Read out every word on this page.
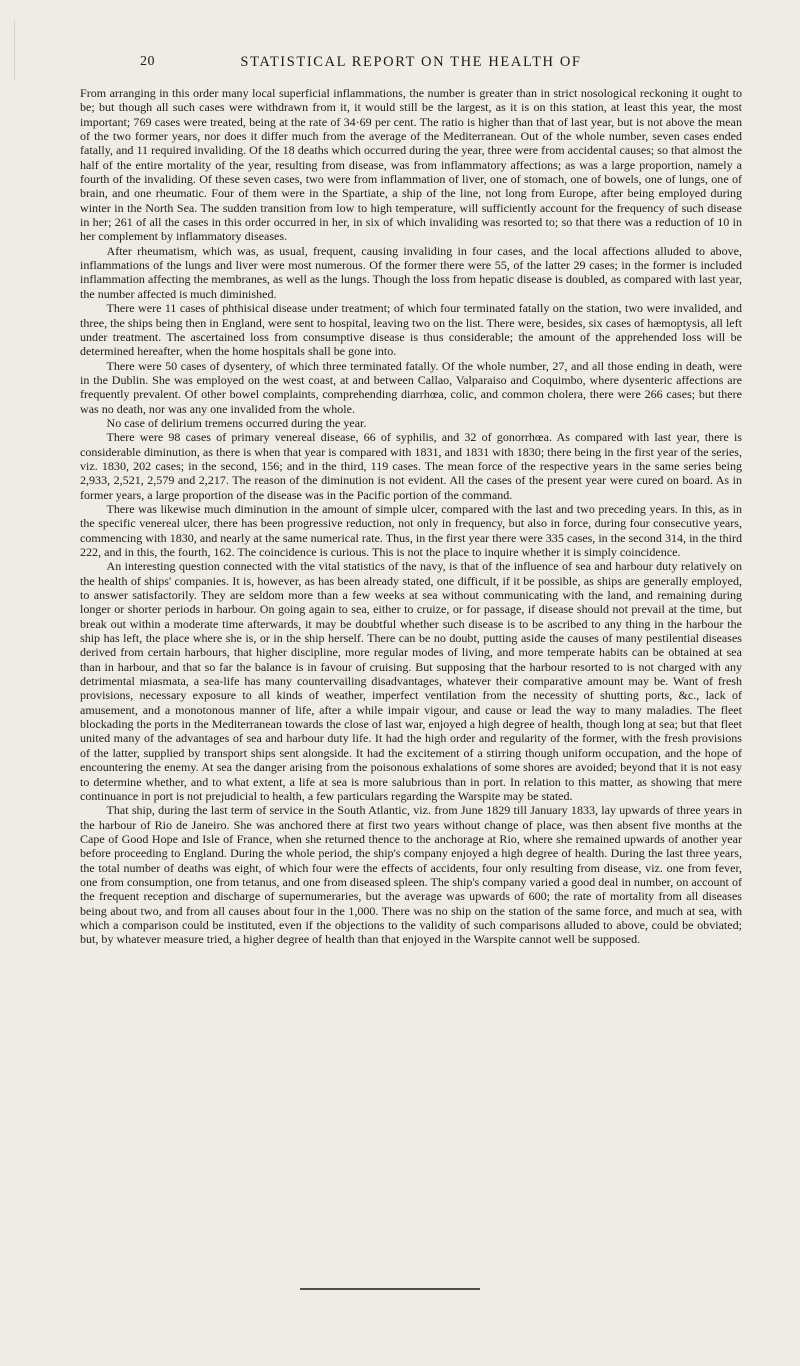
20	STATISTICAL REPORT ON THE HEALTH OF

From arranging in this order many local superficial inflammations, the number is greater than in strict nosological reckoning it ought to be; but though all such cases were withdrawn from it, it would still be the largest, as it is on this station, at least this year, the most important; 769 cases were treated, being at the rate of 34·69 per cent. The ratio is higher than that of last year, but is not above the mean of the two former years, nor does it differ much from the average of the Mediterranean. Out of the whole number, seven cases ended fatally, and 11 required invaliding. Of the 18 deaths which occurred during the year, three were from accidental causes; so that almost the half of the entire mortality of the year, resulting from disease, was from inflammatory affections; as was a large proportion, namely a fourth of the invaliding. Of these seven cases, two were from inflammation of liver, one of stomach, one of bowels, one of lungs, one of brain, and one rheumatic. Four of them were in the Spartiate, a ship of the line, not long from Europe, after being employed during winter in the North Sea. The sudden transition from low to high temperature, will sufficiently account for the frequency of such disease in her; 261 of all the cases in this order occurred in her, in six of which invaliding was resorted to; so that there was a reduction of 10 in her complement by inflammatory diseases.

After rheumatism, which was, as usual, frequent, causing invaliding in four cases, and the local affections alluded to above, inflammations of the lungs and liver were most numerous. Of the former there were 55, of the latter 29 cases; in the former is included inflammation affecting the membranes, as well as the lungs. Though the loss from hepatic disease is doubled, as compared with last year, the number affected is much diminished.

There were 11 cases of phthisical disease under treatment; of which four terminated fatally on the station, two were invalided, and three, the ships being then in England, were sent to hospital, leaving two on the list. There were, besides, six cases of hæmoptysis, all left under treatment. The ascertained loss from consumptive disease is thus considerable; the amount of the apprehended loss will be determined hereafter, when the home hospitals shall be gone into.

There were 50 cases of dysentery, of which three terminated fatally. Of the whole number, 27, and all those ending in death, were in the Dublin. She was employed on the west coast, at and between Callao, Valparaiso and Coquimbo, where dysenteric affections are frequently prevalent. Of other bowel complaints, comprehending diarrhœa, colic, and common cholera, there were 266 cases; but there was no death, nor was any one invalided from the whole.

No case of delirium tremens occurred during the year.

There were 98 cases of primary venereal disease, 66 of syphilis, and 32 of gonorrhœa. As compared with last year, there is considerable diminution, as there is when that year is compared with 1831, and 1831 with 1830; there being in the first year of the series, viz. 1830, 202 cases; in the second, 156; and in the third, 119 cases. The mean force of the respective years in the same series being 2,933, 2,521, 2,579 and 2,217. The reason of the diminution is not evident. All the cases of the present year were cured on board. As in former years, a large proportion of the disease was in the Pacific portion of the command.

There was likewise much diminution in the amount of simple ulcer, compared with the last and two preceding years. In this, as in the specific venereal ulcer, there has been progressive reduction, not only in frequency, but also in force, during four consecutive years, commencing with 1830, and nearly at the same numerical rate. Thus, in the first year there were 335 cases, in the second 314, in the third 222, and in this, the fourth, 162. The coincidence is curious. This is not the place to inquire whether it is simply coincidence.

An interesting question connected with the vital statistics of the navy, is that of the influence of sea and harbour duty relatively on the health of ships' companies. It is, however, as has been already stated, one difficult, if it be possible, as ships are generally employed, to answer satisfactorily. They are seldom more than a few weeks at sea without communicating with the land, and remaining during longer or shorter periods in harbour. On going again to sea, either to cruize, or for passage, if disease should not prevail at the time, but break out within a moderate time afterwards, it may be doubtful whether such disease is to be ascribed to any thing in the harbour the ship has left, the place where she is, or in the ship herself. There can be no doubt, putting aside the causes of many pestilential diseases derived from certain harbours, that higher discipline, more regular modes of living, and more temperate habits can be obtained at sea than in harbour, and that so far the balance is in favour of cruising. But supposing that the harbour resorted to is not charged with any detrimental miasmata, a sea-life has many countervailing disadvantages, whatever their comparative amount may be. Want of fresh provisions, necessary exposure to all kinds of weather, imperfect ventilation from the necessity of shutting ports, &c., lack of amusement, and a monotonous manner of life, after a while impair vigour, and cause or lead the way to many maladies. The fleet blockading the ports in the Mediterranean towards the close of last war, enjoyed a high degree of health, though long at sea; but that fleet united many of the advantages of sea and harbour duty life. It had the high order and regularity of the former, with the fresh provisions of the latter, supplied by transport ships sent alongside. It had the excitement of a stirring though uniform occupation, and the hope of encountering the enemy. At sea the danger arising from the poisonous exhalations of some shores are avoided; beyond that it is not easy to determine whether, and to what extent, a life at sea is more salubrious than in port. In relation to this matter, as showing that mere continuance in port is not prejudicial to health, a few particulars regarding the Warspite may be stated.

That ship, during the last term of service in the South Atlantic, viz. from June 1829 till January 1833, lay upwards of three years in the harbour of Rio de Janeiro. She was anchored there at first two years without change of place, was then absent five months at the Cape of Good Hope and Isle of France, when she returned thence to the anchorage at Rio, where she remained upwards of another year before proceeding to England. During the whole period, the ship's company enjoyed a high degree of health. During the last three years, the total number of deaths was eight, of which four were the effects of accidents, four only resulting from disease, viz. one from fever, one from consumption, one from tetanus, and one from diseased spleen. The ship's company varied a good deal in number, on account of the frequent reception and discharge of supernumeraries, but the average was upwards of 600; the rate of mortality from all diseases being about two, and from all causes about four in the 1,000. There was no ship on the station of the same force, and much at sea, with which a comparison could be instituted, even if the objections to the validity of such comparisons alluded to above, could be obviated; but, by whatever measure tried, a higher degree of health than that enjoyed in the Warspite cannot well be supposed.
